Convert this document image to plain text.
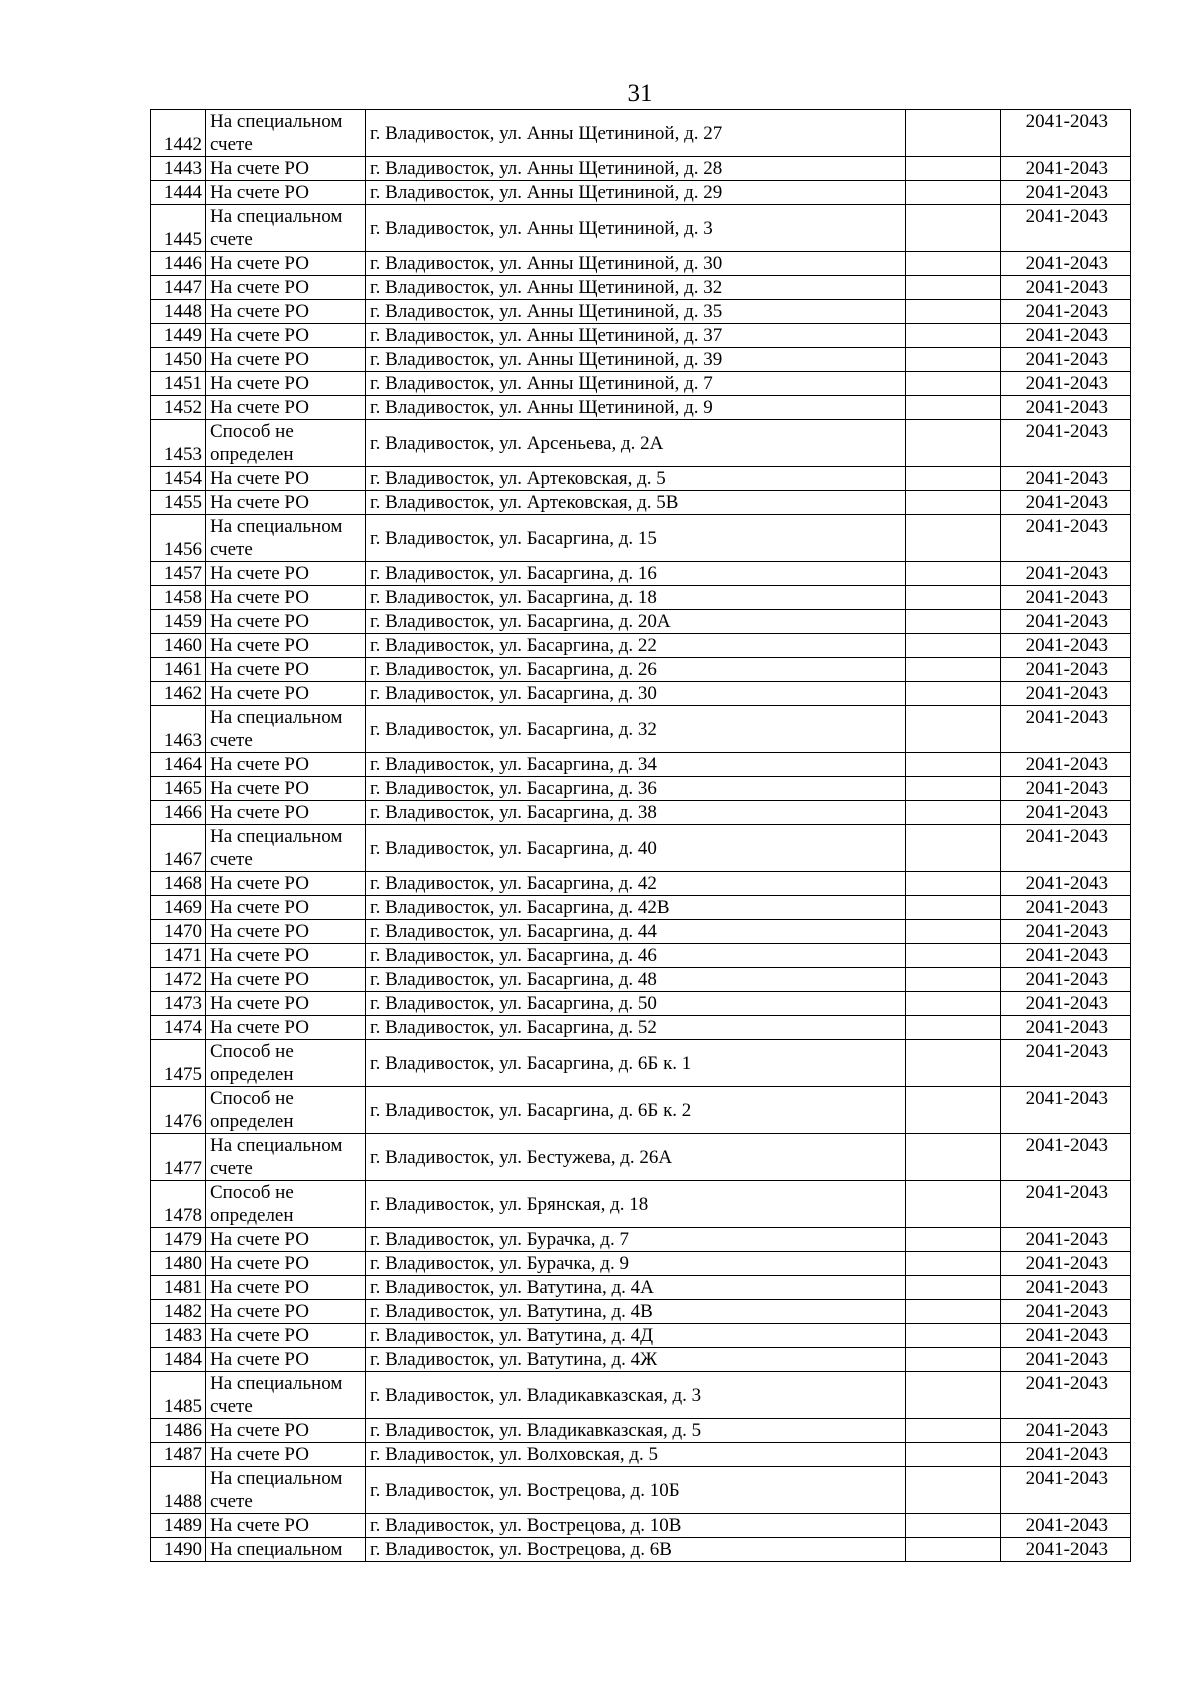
31
1442	На специальном счете	г. Владивосток, ул. Анны Щетининой, д. 27		2041-2043
1443	На счете РО	г. Владивосток, ул. Анны Щетининой, д. 28		2041-2043
1444	На счете РО	г. Владивосток, ул. Анны Щетининой, д. 29		2041-2043
1445	На специальном счете	г. Владивосток, ул. Анны Щетининой, д. 3		2041-2043
1446	На счете РО	г. Владивосток, ул. Анны Щетининой, д. 30		2041-2043
1447	На счете РО	г. Владивосток, ул. Анны Щетининой, д. 32		2041-2043
1448	На счете РО	г. Владивосток, ул. Анны Щетининой, д. 35		2041-2043
1449	На счете РО	г. Владивосток, ул. Анны Щетининой, д. 37		2041-2043
1450	На счете РО	г. Владивосток, ул. Анны Щетининой, д. 39		2041-2043
1451	На счете РО	г. Владивосток, ул. Анны Щетининой, д. 7		2041-2043
1452	На счете РО	г. Владивосток, ул. Анны Щетининой, д. 9		2041-2043
1453	Способ не определен	г. Владивосток, ул. Арсеньева, д. 2А		2041-2043
1454	На счете РО	г. Владивосток, ул. Артековская, д. 5		2041-2043
1455	На счете РО	г. Владивосток, ул. Артековская, д. 5В		2041-2043
1456	На специальном счете	г. Владивосток, ул. Басаргина, д. 15		2041-2043
1457	На счете РО	г. Владивосток, ул. Басаргина, д. 16		2041-2043
1458	На счете РО	г. Владивосток, ул. Басаргина, д. 18		2041-2043
1459	На счете РО	г. Владивосток, ул. Басаргина, д. 20А		2041-2043
1460	На счете РО	г. Владивосток, ул. Басаргина, д. 22		2041-2043
1461	На счете РО	г. Владивосток, ул. Басаргина, д. 26		2041-2043
1462	На счете РО	г. Владивосток, ул. Басаргина, д. 30		2041-2043
1463	На специальном счете	г. Владивосток, ул. Басаргина, д. 32		2041-2043
1464	На счете РО	г. Владивосток, ул. Басаргина, д. 34		2041-2043
1465	На счете РО	г. Владивосток, ул. Басаргина, д. 36		2041-2043
1466	На счете РО	г. Владивосток, ул. Басаргина, д. 38		2041-2043
1467	На специальном счете	г. Владивосток, ул. Басаргина, д. 40		2041-2043
1468	На счете РО	г. Владивосток, ул. Басаргина, д. 42		2041-2043
1469	На счете РО	г. Владивосток, ул. Басаргина, д. 42В		2041-2043
1470	На счете РО	г. Владивосток, ул. Басаргина, д. 44		2041-2043
1471	На счете РО	г. Владивосток, ул. Басаргина, д. 46		2041-2043
1472	На счете РО	г. Владивосток, ул. Басаргина, д. 48		2041-2043
1473	На счете РО	г. Владивосток, ул. Басаргина, д. 50		2041-2043
1474	На счете РО	г. Владивосток, ул. Басаргина, д. 52		2041-2043
1475	Способ не определен	г. Владивосток, ул. Басаргина, д. 6Б к. 1		2041-2043
1476	Способ не определен	г. Владивосток, ул. Басаргина, д. 6Б к. 2		2041-2043
1477	На специальном счете	г. Владивосток, ул. Бестужева, д. 26А		2041-2043
1478	Способ не определен	г. Владивосток, ул. Брянская, д. 18		2041-2043
1479	На счете РО	г. Владивосток, ул. Бурачка, д. 7		2041-2043
1480	На счете РО	г. Владивосток, ул. Бурачка, д. 9		2041-2043
1481	На счете РО	г. Владивосток, ул. Ватутина, д. 4А		2041-2043
1482	На счете РО	г. Владивосток, ул. Ватутина, д. 4В		2041-2043
1483	На счете РО	г. Владивосток, ул. Ватутина, д. 4Д		2041-2043
1484	На счете РО	г. Владивосток, ул. Ватутина, д. 4Ж		2041-2043
1485	На специальном счете	г. Владивосток, ул. Владикавказская, д. 3		2041-2043
1486	На счете РО	г. Владивосток, ул. Владикавказская, д. 5		2041-2043
1487	На счете РО	г. Владивосток, ул. Волховская, д. 5		2041-2043
1488	На специальном счете	г. Владивосток, ул. Вострецова, д. 10Б		2041-2043
1489	На счете РО	г. Владивосток, ул. Вострецова, д. 10В		2041-2043
1490	На специальном	г. Владивосток, ул. Вострецова, д. 6В		2041-2043
